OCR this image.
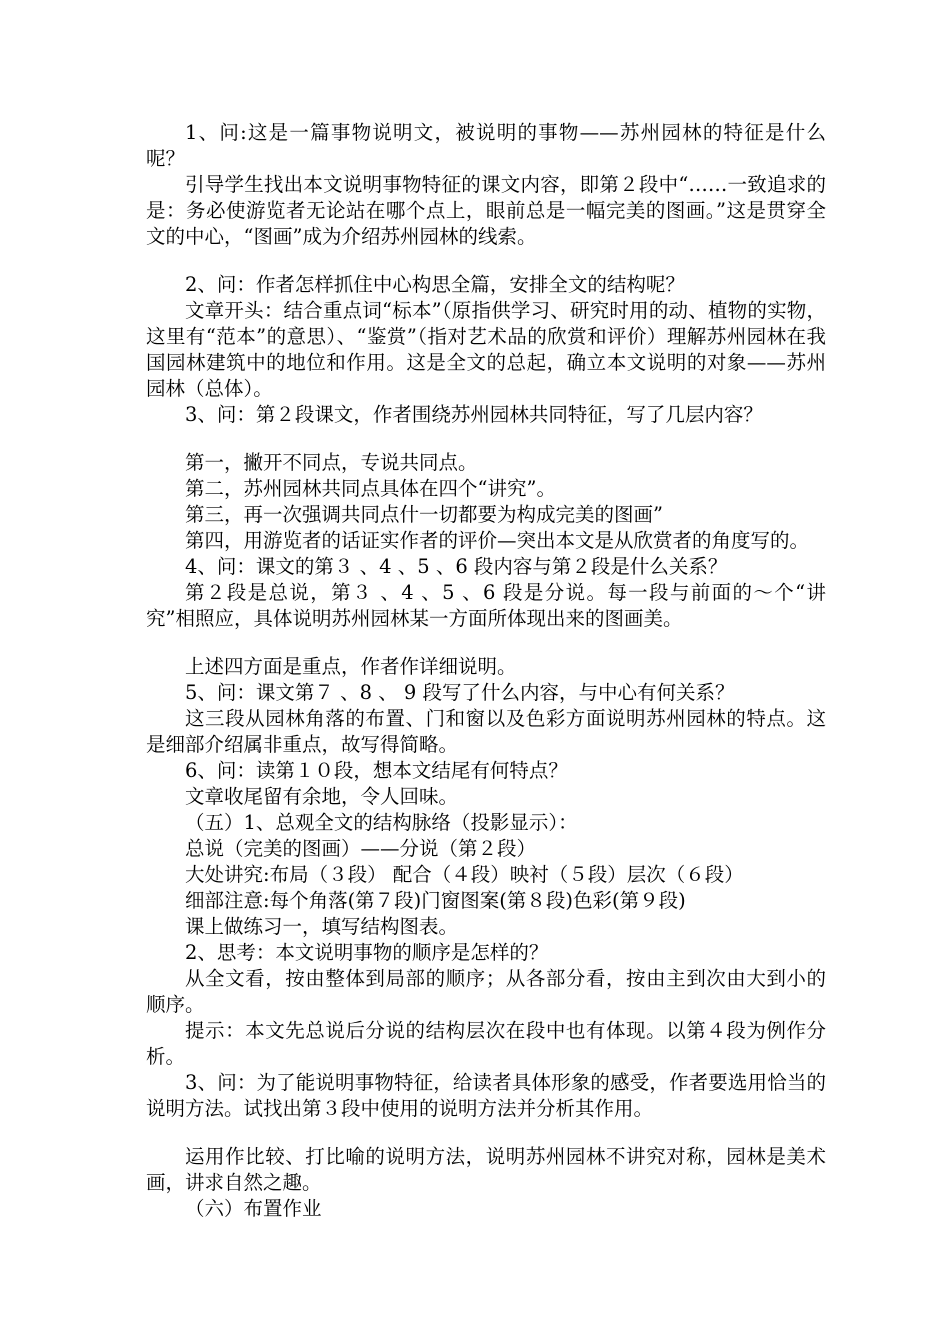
1、问:这是一篇事物说明文，被说明的事物——苏州园林的特征是什么呢？

引导学生找出本文说明事物特征的课文内容，即第２段中“……一致追求的是：务必使游览者无论站在哪个点上，眼前总是一幅完美的图画。”这是贯穿全文的中心，“图画”成为介绍苏州园林的线索。

2、问：作者怎样抓住中心构思全篇，安排全文的结构呢？

文章开头：结合重点词“标本”（原指供学习、研究时用的动、植物的实物，这里有“范本”的意思）、“鉴赏”（指对艺术品的欣赏和评价）理解苏州园林在我国园林建筑中的地位和作用。这是全文的总起，确立本文说明的对象——苏州园林（总体）。

3、问：第２段课文，作者围绕苏州园林共同特征，写了几层内容？

第一，撇开不同点，专说共同点。

第二，苏州园林共同点具体在四个“讲究”。

第三，再一次强调共同点什一切都要为构成完美的图画”

第四，用游览者的话证实作者的评价—突出本文是从欣赏者的角度写的。

4、问：课文的第３ 、4 、5 、6 段内容与第２段是什么关系？

第２段是总说，第３ 、4 、5 、6 段是分说。每一段与前面的～个“讲究”相照应，具体说明苏州园林某一方面所体现出来的图画美。

上述四方面是重点，作者作详细说明。

5、问：课文第７ 、8 、 9 段写了什么内容，与中心有何关系？

这三段从园林角落的布置、门和窗以及色彩方面说明苏州园林的特点。这是细部介绍属非重点，故写得简略。

6、问：读第１０段，想本文结尾有何特点？

文章收尾留有余地，令人回味。

（五）1、总观全文的结构脉络（投影显示）：

总说（完美的图画）——分说（第２段）

大处讲究:布局（３段） 配合（４段）映衬（５段）层次（６段）

细部注意:每个角落(第７段)门窗图案(第８段)色彩(第９段)

课上做练习一，填写结构图表。

2、思考：本文说明事物的顺序是怎样的？

从全文看，按由整体到局部的顺序；从各部分看，按由主到次由大到小的顺序。

提示：本文先总说后分说的结构层次在段中也有体现。以第４段为例作分析。

3、问：为了能说明事物特征，给读者具体形象的感受，作者要选用恰当的说明方法。试找出第３段中使用的说明方法并分析其作用。

运用作比较、打比喻的说明方法，说明苏州园林不讲究对称，园林是美术画，讲求自然之趣。

（六）布置作业
